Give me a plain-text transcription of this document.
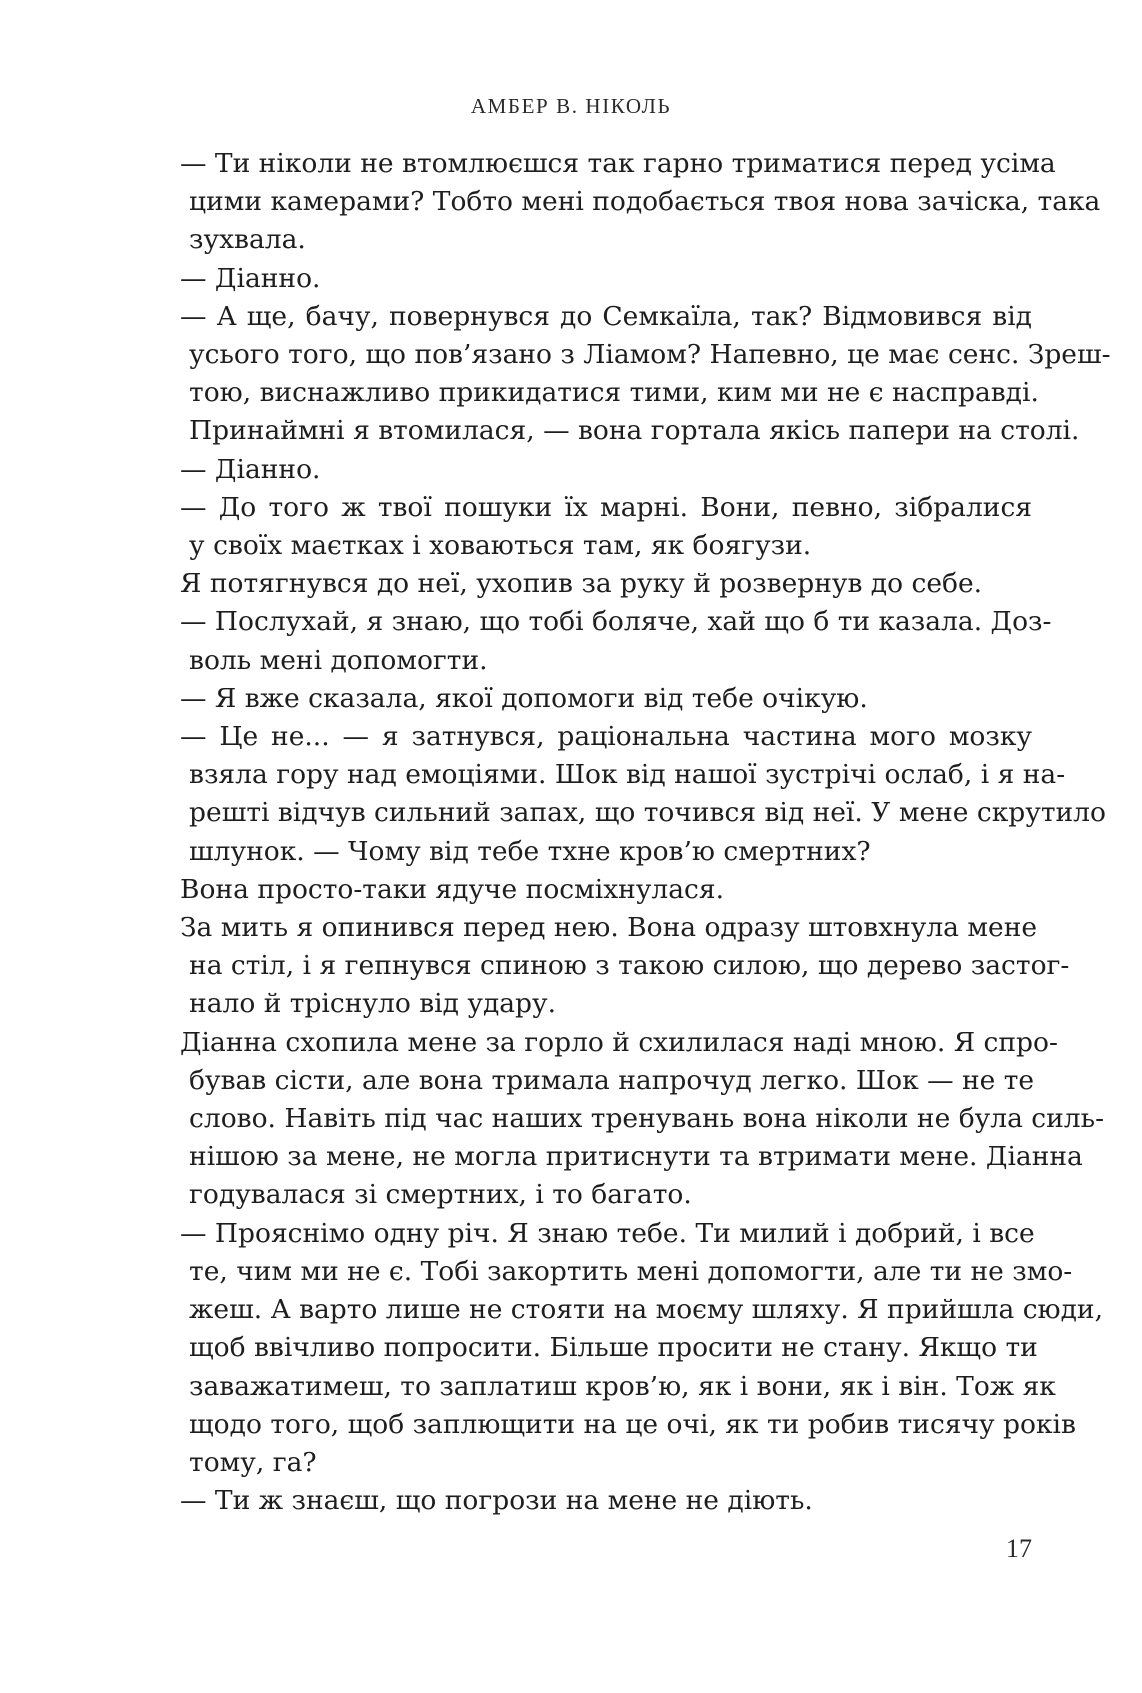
АМБЕР В. НІКОЛЬ
— Ти ніколи не втомлюєшся так гарно триматися перед усіма
цими камерами? Тобто мені подобається твоя нова зачіска, така
зухвала.
— Діанно.
— А ще, бачу, повернувся до Семкаїла, так? Відмовився від
усього того, що пов’язано з Ліамом? Напевно, це має сенс. Зреш-
тою, виснажливо прикидатися тими, ким ми не є насправді.
Принаймні я втомилася, — вона гортала якісь папери на столі.
— Діанно.
— До того ж твої пошуки їх марні. Вони, певно, зібралися
у своїх маєтках і ховаються там, як боягузи.
Я потягнувся до неї, ухопив за руку й розвернув до себе.
— Послухай, я знаю, що тобі боляче, хай що б ти казала. Доз-
воль мені допомогти.
— Я вже сказала, якої допомоги від тебе очікую.
— Це не... — я затнувся, раціональна частина мого мозку
взяла гору над емоціями. Шок від нашої зустрічі ослаб, і я на-
решті відчув сильний запах, що точився від неї. У мене скрутило
шлунок. — Чому від тебе тхне кров’ю смертних?
Вона просто-таки ядуче посміхнулася.
За мить я опинився перед нею. Вона одразу штовхнула мене
на стіл, і я гепнувся спиною з такою силою, що дерево застог-
нало й тріснуло від удару.
Діанна схопила мене за горло й схилилася наді мною. Я спро-
бував сісти, але вона тримала напрочуд легко. Шок — не те
слово. Навіть під час наших тренувань вона ніколи не була силь-
нішою за мене, не могла притиснути та втримати мене. Діанна
годувалася зі смертних, і то багато.
— Прояснімо одну річ. Я знаю тебе. Ти милий і добрий, і все
те, чим ми не є. Тобі закортить мені допомогти, але ти не змо-
жеш. А варто лише не стояти на моєму шляху. Я прийшла сюди,
щоб ввічливо попросити. Більше просити не стану. Якщо ти
заважатимеш, то заплатиш кров’ю, як і вони, як і він. Тож як
щодо того, щоб заплющити на це очі, як ти робив тисячу років
тому, га?
— Ти ж знаєш, що погрози на мене не діють.
17
